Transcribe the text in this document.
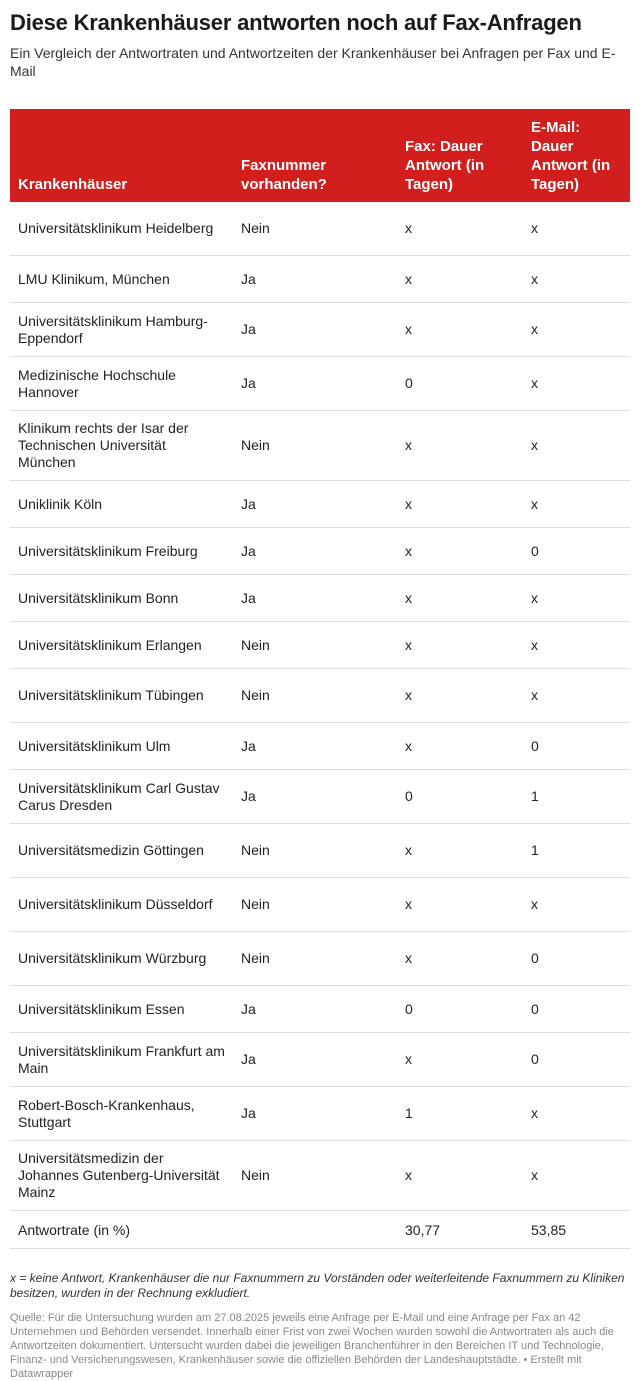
Diese Krankenhäuser antworten noch auf Fax-Anfragen
Ein Vergleich der Antwortraten und Antwortzeiten der Krankenhäuser bei Anfragen per Fax und E-Mail
Krankenhäuser	Faxnummer vorhanden?	Fax: Dauer Antwort (in Tagen)	E-Mail: Dauer Antwort (in Tagen)
Universitätsklinikum Heidelberg	Nein	x	x
LMU Klinikum, München	Ja	x	x
Universitätsklinikum Hamburg-Eppendorf	Ja	x	x
Medizinische Hochschule Hannover	Ja	0	x
Klinikum rechts der Isar der Technischen Universität München	Nein	x	x
Uniklinik Köln	Ja	x	x
Universitätsklinikum Freiburg	Ja	x	0
Universitätsklinikum Bonn	Ja	x	x
Universitätsklinikum Erlangen	Nein	x	x
Universitätsklinikum Tübingen	Nein	x	x
Universitätsklinikum Ulm	Ja	x	0
Universitätsklinikum Carl Gustav Carus Dresden	Ja	0	1
Universitätsmedizin Göttingen	Nein	x	1
Universitätsklinikum Düsseldorf	Nein	x	x
Universitätsklinikum Würzburg	Nein	x	0
Universitätsklinikum Essen	Ja	0	0
Universitätsklinikum Frankfurt am Main	Ja	x	0
Robert-Bosch-Krankenhaus, Stuttgart	Ja	1	x
Universitätsmedizin der Johannes Gutenberg-Universität Mainz	Nein	x	x
Antwortrate (in %)		30,77	53,85
x = keine Antwort, Krankenhäuser die nur Faxnummern zu Vorständen oder weiterleitende Faxnummern zu Kliniken besitzen, wurden in der Rechnung exkludiert.
Quelle: Für die Untersuchung wurden am 27.08.2025 jeweils eine Anfrage per E-Mail und eine Anfrage per Fax an 42 Unternehmen und Behörden versendet. Innerhalb einer Frist von zwei Wochen wurden sowohl die Antwortraten als auch die Antwortzeiten dokumentiert. Untersucht wurden dabei die jeweiligen Branchenführer in den Bereichen IT und Technologie, Finanz- und Versicherungswesen, Krankenhäuser sowie die offiziellen Behörden der Landeshauptstädte. • Erstellt mit Datawrapper
